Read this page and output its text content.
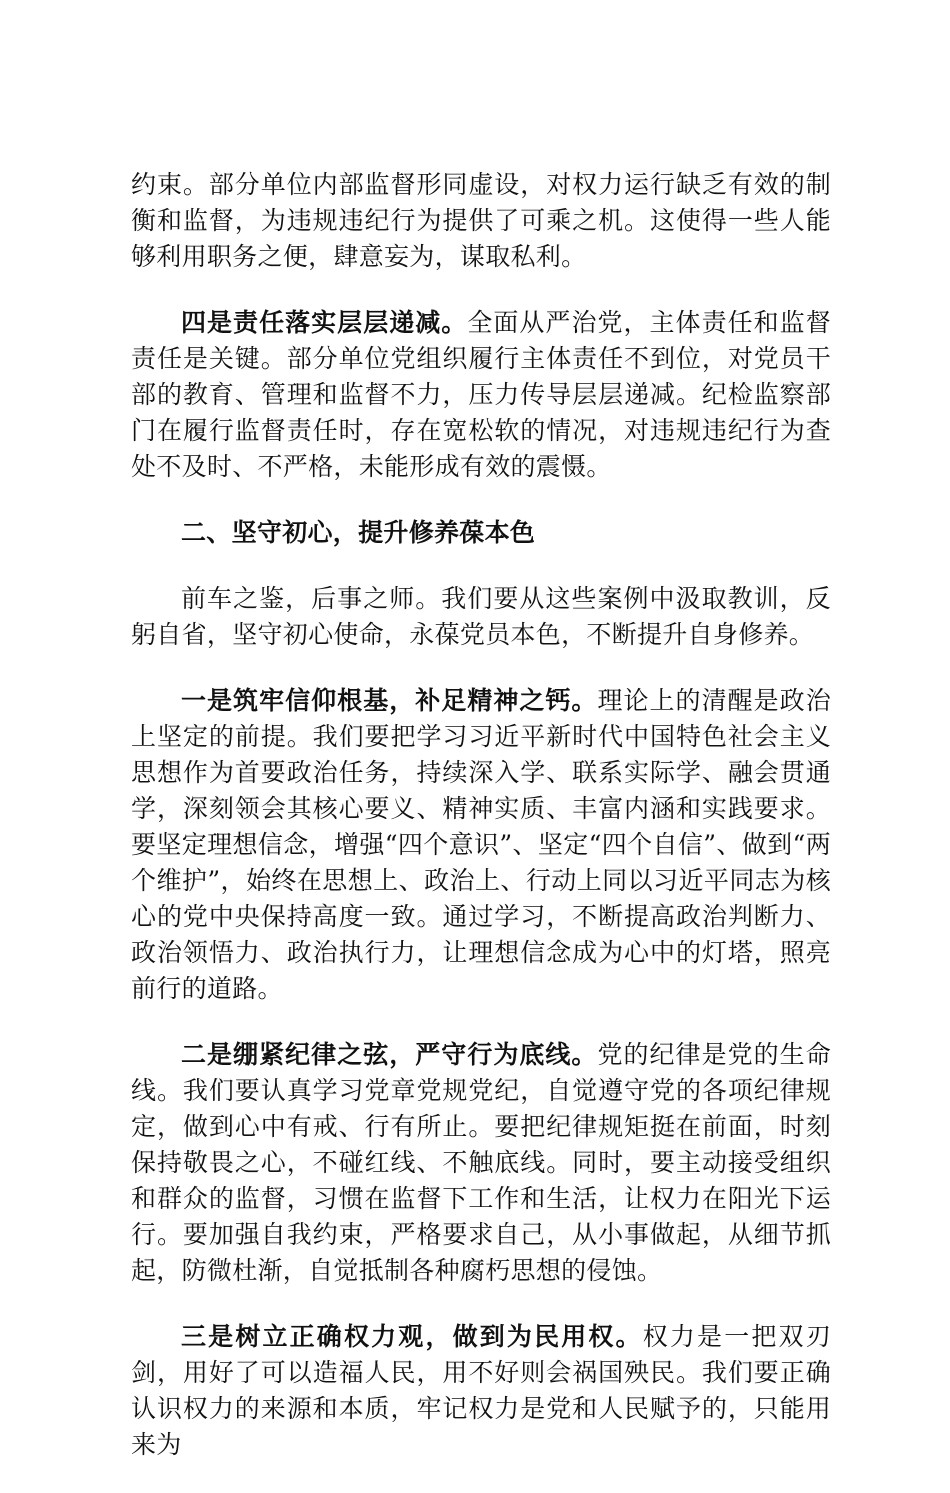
约束。部分单位内部监督形同虚设，对权力运行缺乏有效的制衡和监督，为违规违纪行为提供了可乘之机。这使得一些人能够利用职务之便，肆意妄为，谋取私利。

四是责任落实层层递减。全面从严治党，主体责任和监督责任是关键。部分单位党组织履行主体责任不到位，对党员干部的教育、管理和监督不力，压力传导层层递减。纪检监察部门在履行监督责任时，存在宽松软的情况，对违规违纪行为查处不及时、不严格，未能形成有效的震慑。

二、坚守初心，提升修养葆本色

前车之鉴，后事之师。我们要从这些案例中汲取教训，反躬自省，坚守初心使命，永葆党员本色，不断提升自身修养。

一是筑牢信仰根基，补足精神之钙。理论上的清醒是政治上坚定的前提。我们要把学习习近平新时代中国特色社会主义思想作为首要政治任务，持续深入学、联系实际学、融会贯通学，深刻领会其核心要义、精神实质、丰富内涵和实践要求。要坚定理想信念，增强“四个意识”、坚定“四个自信”、做到“两个维护”，始终在思想上、政治上、行动上同以习近平同志为核心的党中央保持高度一致。通过学习，不断提高政治判断力、政治领悟力、政治执行力，让理想信念成为心中的灯塔，照亮前行的道路。

二是绷紧纪律之弦，严守行为底线。党的纪律是党的生命线。我们要认真学习党章党规党纪，自觉遵守党的各项纪律规定，做到心中有戒、行有所止。要把纪律规矩挺在前面，时刻保持敬畏之心，不碰红线、不触底线。同时，要主动接受组织和群众的监督，习惯在监督下工作和生活，让权力在阳光下运行。要加强自我约束，严格要求自己，从小事做起，从细节抓起，防微杜渐，自觉抵制各种腐朽思想的侵蚀。

三是树立正确权力观，做到为民用权。权力是一把双刃剑，用好了可以造福人民，用不好则会祸国殃民。我们要正确认识权力的来源和本质，牢记权力是党和人民赋予的，只能用来为
